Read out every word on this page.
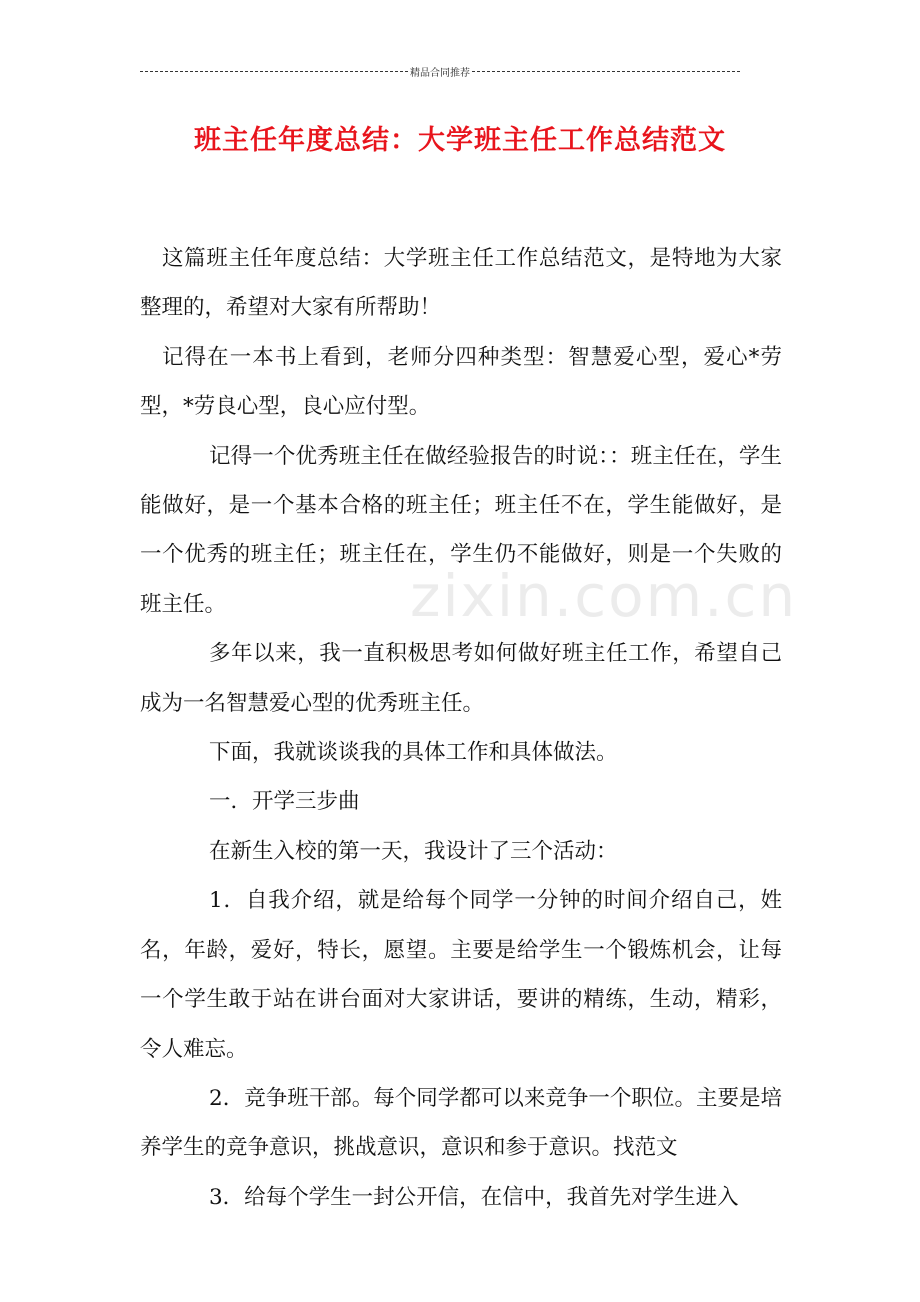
精品合同推荐
班主任年度总结：大学班主任工作总结范文
zixin.com.cn

这篇班主任年度总结：大学班主任工作总结范文，是特地为大家整理的，希望对大家有所帮助！

记得在一本书上看到，老师分四种类型：智慧爱心型，爱心*劳型，*劳良心型，良心应付型。

记得一个优秀班主任在做经验报告的时说：：班主任在，学生能做好，是一个基本合格的班主任；班主任不在，学生能做好，是一个优秀的班主任；班主任在，学生仍不能做好，则是一个失败的班主任。

多年以来，我一直积极思考如何做好班主任工作，希望自己成为一名智慧爱心型的优秀班主任。

下面，我就谈谈我的具体工作和具体做法。

一．开学三步曲

在新生入校的第一天，我设计了三个活动：

1．自我介绍，就是给每个同学一分钟的时间介绍自己，姓名，年龄，爱好，特长，愿望。主要是给学生一个锻炼机会，让每一个学生敢于站在讲台面对大家讲话，要讲的精练，生动，精彩，令人难忘。

2．竞争班干部。每个同学都可以来竞争一个职位。主要是培养学生的竞争意识，挑战意识，意识和参于意识。找范文

3．给每个学生一封公开信，在信中，我首先对学生进入
